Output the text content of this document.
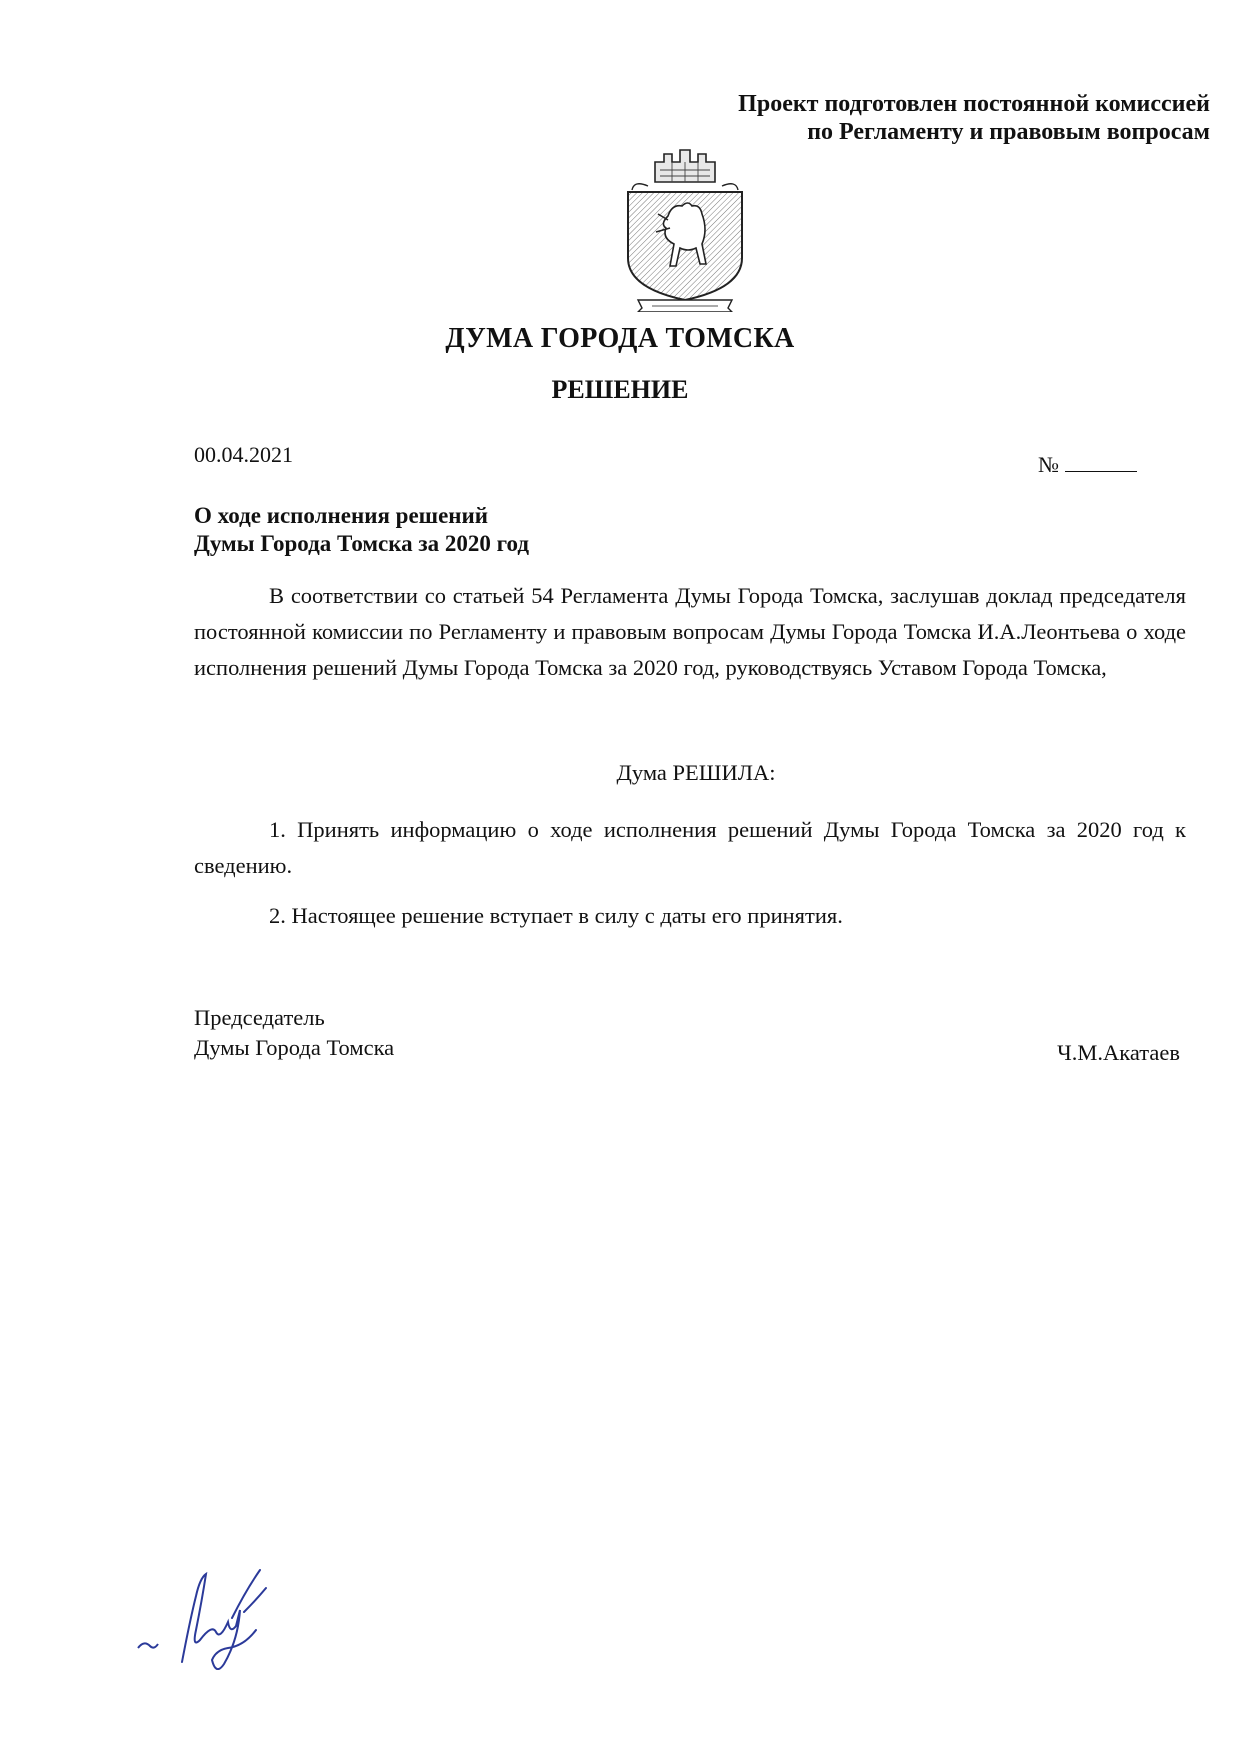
Проект подготовлен постоянной комиссией
по Регламенту и правовым вопросам
ДУМА ГОРОДА ТОМСКА
РЕШЕНИЕ
00.04.2021	№
О ходе исполнения решений
Думы Города Томска за 2020 год
В соответствии со статьей 54 Регламента Думы Города Томска, заслушав доклад председателя постоянной комиссии по Регламенту и правовым вопросам Думы Города Томска И.А.Леонтьева о ходе исполнения решений Думы Города Томска за 2020 год, руководствуясь Уставом Города Томска,
Дума РЕШИЛА:
1. Принять информацию о ходе исполнения решений Думы Города Томска за 2020 год к сведению.
2. Настоящее решение вступает в силу с даты его принятия.
Председатель
Думы Города Томска	Ч.М.Акатаев
